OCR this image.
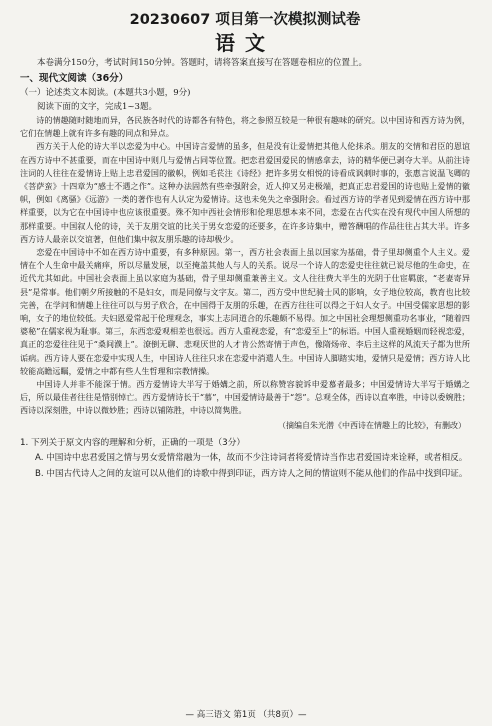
20230607 项目第一次模拟测试卷
语文

本卷满分150分，考试时间150分钟。答题时，请将答案直接写在答题卷相应的位置上。

一、现代文阅读（36分）

（一）论述类文本阅读。(本题共3小题，9分)

阅读下面的文字，完成1~3题。

诗的情趣随时随地而异，各民族各时代的诗都各有特色，将之参照互较是一种很有趣味的研究。以中国诗和西方诗为例，它们在情趣上就有许多有趣的同点和异点。

西方关于人伦的诗大半以恋爱为中心。中国诗言爱情的虽多，但是没有让爱情把其他人伦抹杀。朋友的交情和君臣的恩谊在西方诗中不甚重要，而在中国诗中则几与爱情占同等位置。把恋君爱国爱民的情感拿去，诗的精华便已剥夺大半。从前注诗注词的人往往在爱情诗上贴上忠君爱国的徽帜，例如毛苌注《诗经》把许多男女相悦的诗看成讽刺时事的，张惠言说温飞卿的《菩萨蛮》十四章为“感士不遇之作”。这种办法固然有些牵强附会，近人抑又另走极端，把真正忠君爱国的诗也贴上爱情的徽帜，例如《离骚》《远游》一类的著作也有人认定为爱情诗。这也未免失之牵强附会。看过西方诗的学者见到爱情在西方诗中那样重要，以为它在中国诗中也应该很重要。殊不知中西社会情形和伦理思想本来不同，恋爱在古代实在没有现代中国人所想的那样重要。中国叙人伦的诗，关于友朋交谊的比关于男女恋爱的还要多，在许多诗集中，赠答酬唱的作品往往占其大半。许多西方诗人最亲以交谊著，但他们集中叙友朋乐趣的诗却极少。

恋爱在中国诗中不如在西方诗中重要，有多种原因。第一，西方社会表面上虽以国家为基础，骨子里却侧重个人主义。爱情在个人生命中最关痛痒，所以尽量发展，以至掩盖其他人与人的关系。说尽一个诗人的恋爱史往往就已说尽他的生命史，在近代尤其如此。中国社会表面上虽以家庭为基础，骨子里却侧重兼善主义。文人往往费大半生的光阴于仕宦羁旅，“老妻寄异县”是常事。他们朝夕所接触的不是妇女，而是同僚与文字友。第二，西方受中世纪骑士风的影响，女子地位较高，教育也比较完善，在学问和情趣上往往可以与男子欣合，在中国得于友朋的乐趣，在西方往往可以得之于妇人女子。中国受儒家思想的影响，女子的地位较低。夫妇恩爱常起于伦理观念，事实上志同道合的乐趣颇不易得。加之中国社会理想侧重功名事业，“随着四婆秘”在儒家视为耻事。第三，东西恋爱观相差也很远。西方人重视恋爱，有“恋爱至上”的标语。中国人重视婚姻而轻视恋爱，真正的恋爱往往见于“桑间濮上”。潦倒无聊、悲观厌世的人才肯公然寄情于声色，像隋炀帝、李后主这样的风流天子都为世所诟病。西方诗人要在恋爱中实现人生，中国诗人往往只求在恋爱中消遣人生。中国诗人脚踏实地，爱情只是爱情；西方诗人比较能高瞻远瞩，爱情之中都有些人生哲理和宗教情操。

中国诗人并非不能深于情。西方爱情诗大半写于婚媾之前，所以称赞容貌诉申爱慕者最多；中国爱情诗大半写于婚媾之后，所以最佳者往往是惜别悼亡。西方爱情诗长于“慕”，中国爱情诗最善于“怨”。总观全体，西诗以直率胜，中诗以委婉胜；西诗以深刻胜，中诗以微妙胜；西诗以铺陈胜，中诗以简隽胜。

（摘编自朱光潜《中西诗在情趣上的比较》，有删改）

1. 下列关于原文内容的理解和分析，正确的一项是（3分）

A. 中国诗中忠君爱国之情与男女爱情常融为一体，故而不少注诗词者将爱情诗当作忠君爱国诗来诠释，或者相反。

B. 中国古代诗人之间的友谊可以从他们的诗歌中得到印证，西方诗人之间的情谊则不能从他们的作品中找到印证。

— 高三语文 第1页 （共8页）—
